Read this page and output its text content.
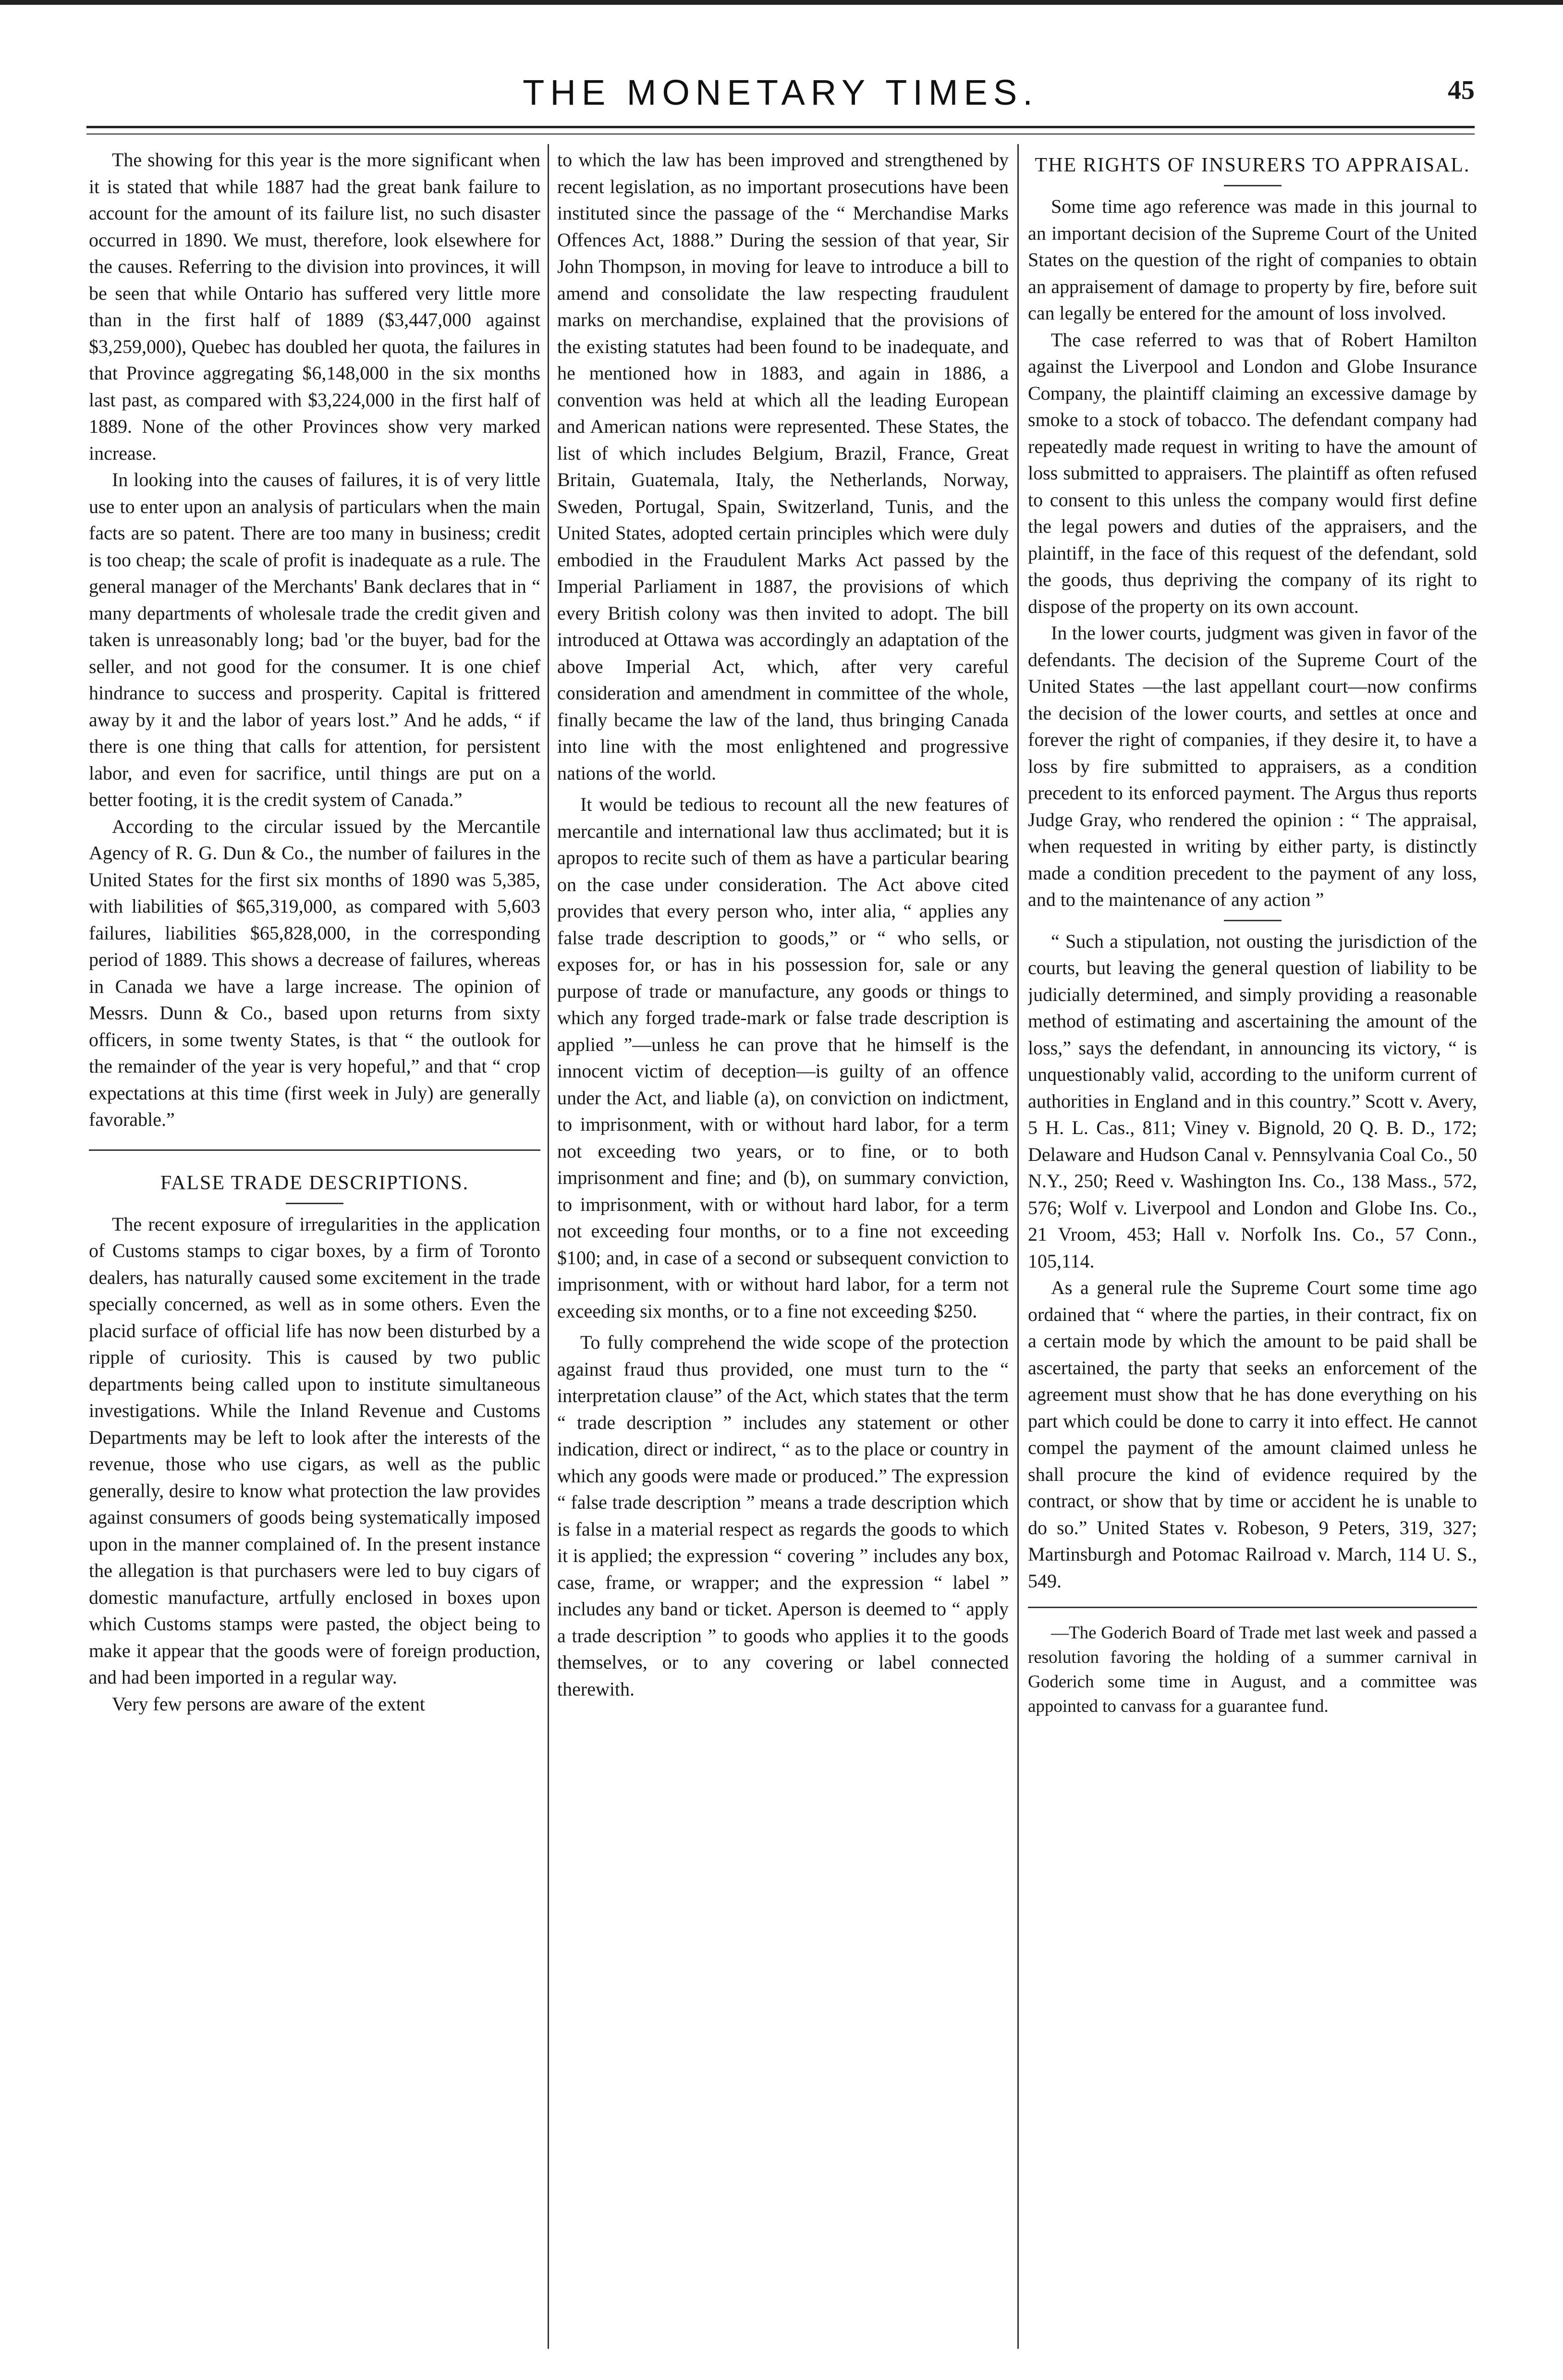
THE MONETARY TIMES.	45

The showing for this year is the more significant when it is stated that while 1887 had the great bank failure to account for the amount of its failure list, no such disaster occurred in 1890. We must, therefore, look elsewhere for the causes. Referring to the division into provinces, it will be seen that while Ontario has suffered very little more than in the first half of 1889 ($3,447,000 against $3,259,000), Quebec has doubled her quota, the failures in that Province aggregating $6,148,000 in the six months last past, as compared with $3,224,000 in the first half of 1889. None of the other Provinces show very marked increase.

In looking into the causes of failures, it is of very little use to enter upon an analysis of particulars when the main facts are so patent. There are too many in business; credit is too cheap; the scale of profit is inadequate as a rule. The general manager of the Merchants' Bank declares that in “ many departments of wholesale trade the credit given and taken is unreasonably long; bad 'or the buyer, bad for the seller, and not good for the consumer. It is one chief hindrance to success and prosperity. Capital is frittered away by it and the labor of years lost.” And he adds, “ if there is one thing that calls for attention, for persistent labor, and even for sacrifice, until things are put on a better footing, it is the credit system of Canada.”

According to the circular issued by the Mercantile Agency of R. G. Dun & Co., the number of failures in the United States for the first six months of 1890 was 5,385, with liabilities of $65,319,000, as compared with 5,603 failures, liabilities $65,828,000, in the corresponding period of 1889. This shows a decrease of failures, whereas in Canada we have a large increase. The opinion of Messrs. Dunn & Co., based upon returns from sixty officers, in some twenty States, is that “ the outlook for the remainder of the year is very hopeful,” and that “ crop expectations at this time (first week in July) are generally favorable.”

FALSE TRADE DESCRIPTIONS.

The recent exposure of irregularities in the application of Customs stamps to cigar boxes, by a firm of Toronto dealers, has naturally caused some excitement in the trade specially concerned, as well as in some others. Even the placid surface of official life has now been disturbed by a ripple of curiosity. This is caused by two public departments being called upon to institute simultaneous investigations. While the Inland Revenue and Customs Departments may be left to look after the interests of the revenue, those who use cigars, as well as the public generally, desire to know what protection the law provides against consumers of goods being systematically imposed upon in the manner complained of. In the present instance the allegation is that purchasers were led to buy cigars of domestic manufacture, artfully enclosed in boxes upon which Customs stamps were pasted, the object being to make it appear that the goods were of foreign production, and had been imported in a regular way.

Very few persons are aware of the extent

to which the law has been improved and strengthened by recent legislation, as no important prosecutions have been instituted since the passage of the “ Merchandise Marks Offences Act, 1888.” During the session of that year, Sir John Thompson, in moving for leave to introduce a bill to amend and consolidate the law respecting fraudulent marks on merchandise, explained that the provisions of the existing statutes had been found to be inadequate, and he mentioned how in 1883, and again in 1886, a convention was held at which all the leading European and American nations were represented. These States, the list of which includes Belgium, Brazil, France, Great Britain, Guatemala, Italy, the Netherlands, Norway, Sweden, Portugal, Spain, Switzerland, Tunis, and the United States, adopted certain principles which were duly embodied in the Fraudulent Marks Act passed by the Imperial Parliament in 1887, the provisions of which every British colony was then invited to adopt. The bill introduced at Ottawa was accordingly an adaptation of the above Imperial Act, which, after very careful consideration and amendment in committee of the whole, finally became the law of the land, thus bringing Canada into line with the most enlightened and progressive nations of the world.

It would be tedious to recount all the new features of mercantile and international law thus acclimated; but it is apropos to recite such of them as have a particular bearing on the case under consideration. The Act above cited provides that every person who, inter alia, “ applies any false trade description to goods,” or “ who sells, or exposes for, or has in his possession for, sale or any purpose of trade or manufacture, any goods or things to which any forged trade-mark or false trade description is applied ”—unless he can prove that he himself is the innocent victim of deception—is guilty of an offence under the Act, and liable (a), on conviction on indictment, to imprisonment, with or without hard labor, for a term not exceeding two years, or to fine, or to both imprisonment and fine; and (b), on summary conviction, to imprisonment, with or without hard labor, for a term not exceeding four months, or to a fine not exceeding $100; and, in case of a second or subsequent conviction to imprisonment, with or without hard labor, for a term not exceeding six months, or to a fine not exceeding $250.

To fully comprehend the wide scope of the protection against fraud thus provided, one must turn to the “ interpretation clause” of the Act, which states that the term “ trade description ” includes any statement or other indication, direct or indirect, “ as to the place or country in which any goods were made or produced.” The expression “ false trade description ” means a trade description which is false in a material respect as regards the goods to which it is applied; the expression “ covering ” includes any box, case, frame, or wrapper; and the expression “ label ” includes any band or ticket. Aperson is deemed to “ apply a trade description ” to goods who applies it to the goods themselves, or to any covering or label connected therewith.

THE RIGHTS OF INSURERS TO APPRAISAL.

Some time ago reference was made in this journal to an important decision of the Supreme Court of the United States on the question of the right of companies to obtain an appraisement of damage to property by fire, before suit can legally be entered for the amount of loss involved.

The case referred to was that of Robert Hamilton against the Liverpool and London and Globe Insurance Company, the plaintiff claiming an excessive damage by smoke to a stock of tobacco. The defendant company had repeatedly made request in writing to have the amount of loss submitted to appraisers. The plaintiff as often refused to consent to this unless the company would first define the legal powers and duties of the appraisers, and the plaintiff, in the face of this request of the defendant, sold the goods, thus depriving the company of its right to dispose of the property on its own account.

In the lower courts, judgment was given in favor of the defendants. The decision of the Supreme Court of the United States —the last appellant court—now confirms the decision of the lower courts, and settles at once and forever the right of companies, if they desire it, to have a loss by fire submitted to appraisers, as a condition precedent to its enforced payment. The Argus thus reports Judge Gray, who rendered the opinion : “ The appraisal, when requested in writing by either party, is distinctly made a condition precedent to the payment of any loss, and to the maintenance of any action ”

“ Such a stipulation, not ousting the jurisdiction of the courts, but leaving the general question of liability to be judicially determined, and simply providing a reasonable method of estimating and ascertaining the amount of the loss,” says the defendant, in announcing its victory, “ is unquestionably valid, according to the uniform current of authorities in England and in this country.” Scott v. Avery, 5 H. L. Cas., 811; Viney v. Bignold, 20 Q. B. D., 172; Delaware and Hudson Canal v. Pennsylvania Coal Co., 50 N.Y., 250; Reed v. Washington Ins. Co., 138 Mass., 572, 576; Wolf v. Liverpool and London and Globe Ins. Co., 21 Vroom, 453; Hall v. Norfolk Ins. Co., 57 Conn., 105,114.

As a general rule the Supreme Court some time ago ordained that “ where the parties, in their contract, fix on a certain mode by which the amount to be paid shall be ascertained, the party that seeks an enforcement of the agreement must show that he has done everything on his part which could be done to carry it into effect. He cannot compel the payment of the amount claimed unless he shall procure the kind of evidence required by the contract, or show that by time or accident he is unable to do so.” United States v. Robeson, 9 Peters, 319, 327; Martinsburgh and Potomac Railroad v. March, 114 U. S., 549.

—The Goderich Board of Trade met last week and passed a resolution favoring the holding of a summer carnival in Goderich some time in August, and a committee was appointed to canvass for a guarantee fund.
